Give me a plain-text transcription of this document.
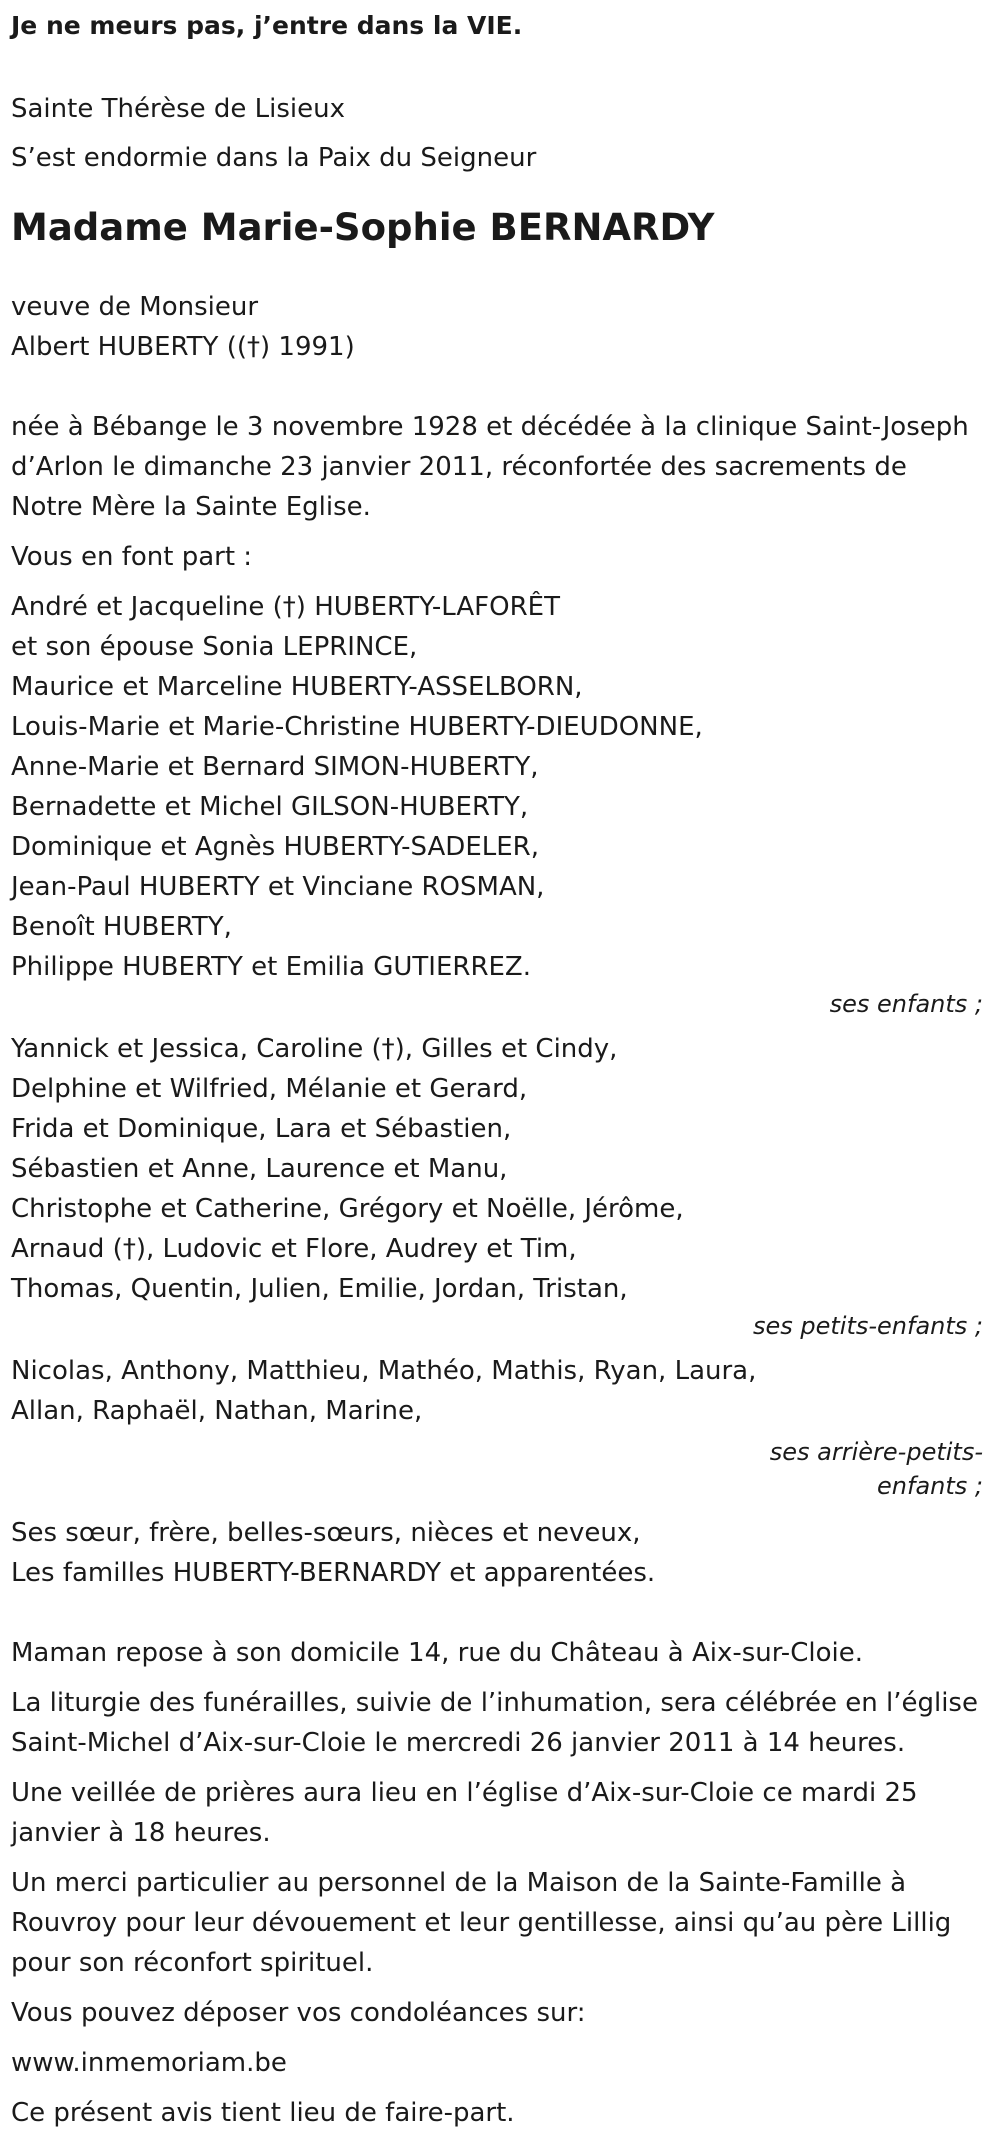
Je ne meurs pas, j’entre dans la VIE.
Sainte Thérèse de Lisieux
S’est endormie dans la Paix du Seigneur
Madame Marie-Sophie BERNARDY
veuve de Monsieur
Albert HUBERTY ((†) 1991)
née à Bébange le 3 novembre 1928 et décédée à la clinique Saint-Joseph
d’Arlon le dimanche 23 janvier 2011, réconfortée des sacrements de
Notre Mère la Sainte Eglise.
Vous en font part :
André et Jacqueline (†) HUBERTY-LAFORÊT
et son épouse Sonia LEPRINCE,
Maurice et Marceline HUBERTY-ASSELBORN,
Louis-Marie et Marie-Christine HUBERTY-DIEUDONNE,
Anne-Marie et Bernard SIMON-HUBERTY,
Bernadette et Michel GILSON-HUBERTY,
Dominique et Agnès HUBERTY-SADELER,
Jean-Paul HUBERTY et Vinciane ROSMAN,
Benoît HUBERTY,
Philippe HUBERTY et Emilia GUTIERREZ.
ses enfants ;
Yannick et Jessica, Caroline (†), Gilles et Cindy,
Delphine et Wilfried, Mélanie et Gerard,
Frida et Dominique, Lara et Sébastien,
Sébastien et Anne, Laurence et Manu,
Christophe et Catherine, Grégory et Noëlle, Jérôme,
Arnaud (†), Ludovic et Flore, Audrey et Tim,
Thomas, Quentin, Julien, Emilie, Jordan, Tristan,
ses petits-enfants ;
Nicolas, Anthony, Matthieu, Mathéo, Mathis, Ryan, Laura,
Allan, Raphaël, Nathan, Marine,
ses arrière-petits-
enfants ;
Ses sœur, frère, belles-sœurs, nièces et neveux,
Les familles HUBERTY-BERNARDY et apparentées.
Maman repose à son domicile 14, rue du Château à Aix-sur-Cloie.
La liturgie des funérailles, suivie de l’inhumation, sera célébrée en l’église
Saint-Michel d’Aix-sur-Cloie le mercredi 26 janvier 2011 à 14 heures.
Une veillée de prières aura lieu en l’église d’Aix-sur-Cloie ce mardi 25
janvier à 18 heures.
Un merci particulier au personnel de la Maison de la Sainte-Famille à
Rouvroy pour leur dévouement et leur gentillesse, ainsi qu’au père Lillig
pour son réconfort spirituel.
Vous pouvez déposer vos condoléances sur:
www.inmemoriam.be
Ce présent avis tient lieu de faire-part.
